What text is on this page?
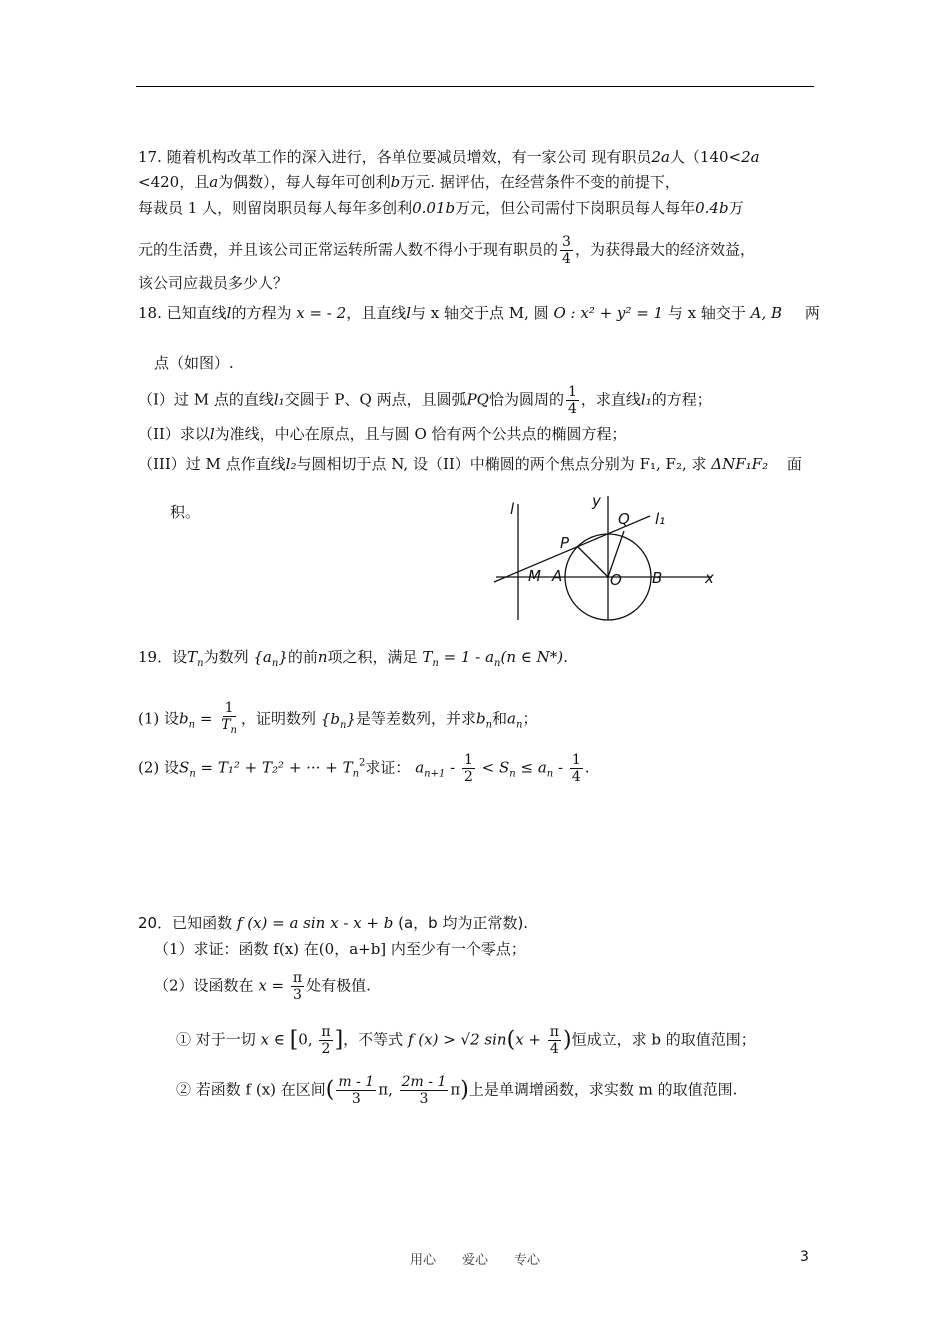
17. 随着机构改革工作的深入进行，各单位要减员增效，有一家公司 现有职员2a人（140<2a
<420，且a为偶数），每人每年可创利b万元. 据评估，在经营条件不变的前提下，
每裁员 1 人，则留岗职员每人每年多创利0.01b万元，但公司需付下岗职员每人每年0.4b万
元的生活费，并且该公司正常运转所需人数不得小于现有职员的 $\frac{3}{4}$ ，为获得最大的经济效益，
该公司应裁员多少人？
18. 已知直线l的方程为 x = - 2，且直线l与 x 轴交于点 M, 圆 O : x² + y² = 1 与 x 轴交于 A, B 两
点（如图）.
（I）过 M 点的直线l₁交圆于 P、Q 两点，且圆弧PQ恰为圆周的 $\frac{1}{4}$ ，求直线l₁的方程；
（II）求以l为准线，中心在原点，且与圆 O 恰有两个公共点的椭圆方程；
（III）过 M 点作直线l₂与圆相切于点 N, 设（II）中椭圆的两个焦点分别为 F₁, F₂, 求 ΔNF₁F₂ 面
积。	l	y
Q l₁
P
M A	O B	x
19．设$T_n$为数列 $\{a_n\}$的前n项之积，满足 $T_n = 1 - a_n(n$ ∈ N*).
(1) 设$b_n = \frac{1}{T_n}$ ，证明数列 $\{b_n\}$是等差数列，并求$b_n$和$a_n$；
(2) 设$S_n = T_1^2 + T_2^2$ + ··· + $T_n^2$求证： $a_{n+1} - \frac{1}{2} < S_n \le a_n - \frac{1}{4}$ .
20．已知函数 f (x) = a sin x - x + b (a，b 均为正常数).
（1）求证：函数 f(x) 在(0，a+b] 内至少有一个零点；
（2）设函数在 $x = \frac{\pi}{3}$ 处有极值.
① 对于一切 x ∈ [0, $\frac{\pi}{2}$ ]，不等式 f (x) > √2 $\sin(x + \frac{\pi}{4}$ )恒成立，求 b 的取值范围；
② 若函数 f (x) 在区间( $\frac{m - 1}{3} \pi$, $\frac{2m - 1}{3} \pi$)上是单调增函数，求实数 m 的取值范围.
用心　　爱心　　专心	3
